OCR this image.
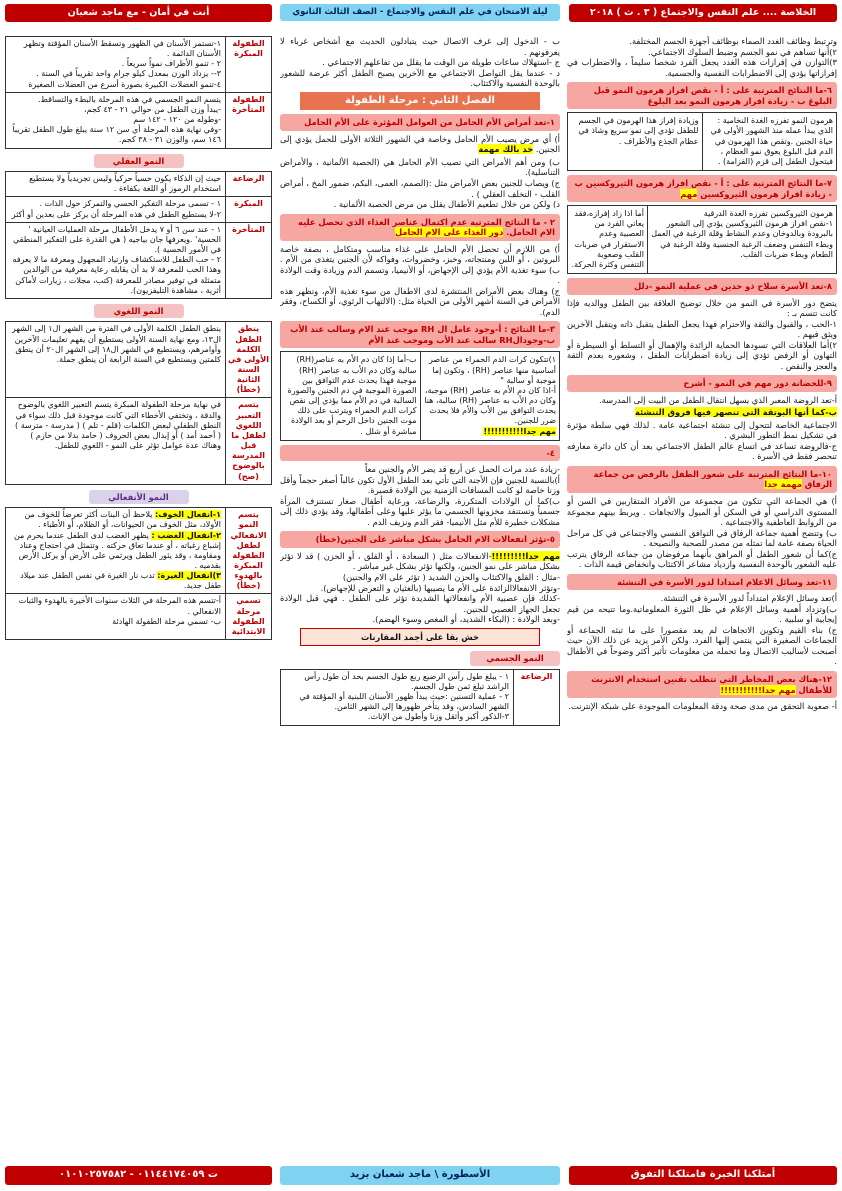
الخلاصة .... علم النفس والاجتماع ( ٣ . ث ) ٢٠١٨
ليلة الامتحان في علم النفس والاجتماع - الصف الثالث الثانوي
أنت في أمان - مع ماجد شعبان

وترتبط وظائف الغدد الصماء بوظائف أجهزة الجسم المختلفة.
٢)أنها تساهم في نمو الجسم وضبط السلوك الاجتماعي.
٣)التوازن في إفرازات هذه الغدد يجعل الفرد شخصا سليماً ، والاضطراب في إفرازاتها يؤدي إلى الاضطرابات النفسية والجسمية.

٦-ما النتائج المترتبة على : أ - نقص افراز هرمون النمو قبل البلوغ ب - زيادة افراز هرمون النمو بعد البلوغ
هرمون النمو تفرزه الغدة النخامية : الذي يبدأ عمله منذ الشهور الأولى في حياة الجنين .وتقص هذا الهرمون في الدم قبل البلوغ يعوق نمو العظام ، فيتحول الطفل إلى قزم (القزامة) .
وزيادة إفراز هذا الهرمون في الجسم للطفل تؤدي إلى نمو سريع وشاذ في عظام الجذع والأطراف .
٧-ما النتائج المترتبة على : أ - نقص افراز هرمون الثيروكسين ب - زيادة افراز هرمون الثيروكسين مهم
هرمون الثيروكسين تفرزه الغدة الدرقية
١-نقص افراز هرمون الثيروكسين يؤدي إلى الشعور بالبرودة وبالدوخان وعدم النشاط وقلة الرغبة في العمل وبطء التنفس وضعف الرغبة الجنسية وقلة الرغبة في الطعام وبطء ضربات القلب.
أما اذا زاد إفرازه،فقد يعاني الفرد من العصبية وعدم الاستقرار في ضربات القلب وصعوبة التنفس وكثرة الحركة.
٨-تعد الأسرة سلاح ذو حدين في عملية النمو -دلل

يتضح دور الأسرة في النمو من خلال توضيح العلاقة بين الطفل ووالديه فإذا كانت تتسم بـ :
١-الحب ، والقبول والثقة والاحترام فهذا يجعل الطفل يتقبل ذاته ويتقبل الآخرين ويثق فيهم .
٢)أما العلاقات التي تسودها الحماية الزائدة والإهمال أو التسلط أو السيطرة أو التهاون أو الرفض تؤدي إلى زيادة اضطرابات الطفل ، وشعوره بعدم الثقة والعجز والنقص .

٩-للحضانة دور مهم في النمو - أشرح

أ-تعد الروضة المعبر الذي يسهل انتقال الطفل من البيت إلى المدرسة.

ب-كما أنها البوتقة التي تنصهر فيها فروق التنشئة

الاجتماعية الخاصة لتتحول إلى تنشئة اجتماعية عامة . لذلك فهي سلطة مؤثرة في تشكيل نمط التطور البشري .
ج-فالروضة تساعد في اتساع عالم الطفل الاجتماعي بعد أن كان دائرة معارفه تنحصر فقط في الأسرة .

١٠-ما النتائج المترتبة على شعور الطفل بالرفض من جماعة الرفاق مهمة جدا

أ) هي الجماعة التي تتكون من مجموعة من الأفراد المتقاربين في السن أو المستوى الدراسي أو في السكن أو الميول والاتجاهات . ويربط بينهم مجموعة من الروابط العاطفية والاجتماعية .
ب) وتتضح أهمية جماعة الرفاق في التوافق النفسي والاجتماعي في كل مراحل الحياة بصفة عامة لما تمثله من مصدر للصحبة والنصيحة .
ج)كما أن شعور الطفل أو المراهق بأنهما مرفوضان من جماعة الرفاق يترتب عليه الشعور بالوحدة النفسية وازدياد مشاعر الاكتئاب وانخفاض قيمة الذات .

١١-تعد وسائل الاعلام امتدادا لدور الأسرة في التنشئة

أ)تعد وسائل الإعلام امتداداً لدور الأسرة في التنشئة.
ب)وتزداد أهمية وسائل الإعلام في ظل الثورة المعلوماتية.وما تتيحه من قيم إيجابية أو سلبية .
ج) بناء القيم وتكوين الاتجاهات لم يعد مقصورا على ما تبثه الجماعة أو الجماعات الصغيرة التي ينتمي إليها الفرد. ولكن الأمر يزيد عن ذلك الآن حيث أصبحت لأساليب الاتصال وما تحمله من معلومات تأثير أكثر وضوحاً في الأطفال .

١٢-هناك بعض المخاطر التي تتطلب تقنين استخدام الانترنت للأطفال مهم جدا!!!!!!!!!!!

أ- صعوبة التحقق من مدى صحة ودقة المعلومات الموجودة على شبكة الإنترنت.

ب - الدخول إلى غرف الاتصال حيث يتبادلون الحديث مع أشخاص غرباء لا يعرفونهم .
ج -استهلاك ساعات طويلة من الوقت ما يقلل من تفاعلهم الاجتماعي .
د - عندما يقل التواصل الاجتماعي مع الآخرين يصبح الطفل أكثر عرضة للشعور بالوحدة النفسية والاكتئاب.

الفصل الثاني : مرحلة الطفولة
١-تعد أمراض الأم الحامل من العوامل المؤثرة على الأم الحامل

أ) أي مرض يصيب الأم الحامل وخاصة في الشهور الثلاثة الأولى للحمل يؤدي إلى الجنين. خد بالك مهمة

ب) ومن أهم الأمراض التي تصيب الأم الحامل هي (الحصبة الألمانية ، والأمراض التناسلية).
ج) ويصاب للجنين بعض الأمراض مثل :(الصمم، العمى، البكم، ضمور المخ ، أمراض القلب - التخلف العقلي ) .
د) ولكن من خلال تطعيم الأطفال يقلل من مرض الحصبة الألمانية .

٢ - ما النتائج المترتبة عدم اكتمال عناصر الغذاء الذي تحصل عليه الام الحامل. دور الغذاء على الام الحامل

أ) من اللازم أن تحصل الأم الحامل على غذاء مناسب ومتكامل ، بصفة خاصة البروتين ، أو اللبن ومنتجاته، وخبز، وخضروات، وفواكه لأن الجنين يتغذى من الأم . ب) سوء تغذية الأم يؤدي إلى الإجهاض، أو الأنيميا، وتسمم الدم وزيادة وقت الولادة .
ج) وهناك بعض الأمراض المنتشرة لدى الاطفال من سوء تغذية الأم، وتظهر هذه الأمراض في السنة أشهر الأولى من الحياة مثل: (الالتهاب الرئوي، أو الكساح، وفقر الدم).

٣-ما النتائج : أ-وجود عامل ال RH موجب عند الام وسالب عند الأب ب-وجودالRH سالب عند الأب وموجب عند الأم
١)تتكون كرات الدم الحمراء من عناصر أساسية منها عناصر (RH) ، وتكون إما موجبة أو سالبة "
أ-اذا كان دم الأم به عناصر (RH) موجبة، وكان دم الأب به عناصر (RH) سالبة، هنا يحدث التوافق بين الأب والأم فلا يحدث ضرر للجنين.
مهم جدا!!!!!!!!!!!
ب-أما إذا كان دم الأم به عناصر(RH) سالبة وكان دم الأب به عناصر (RH) موجبة فهذا يحدث عدم التوافق بين الصورة الموجبة في دم الجنين والصورة السالبة في دم الأم مما يؤدي إلى نقص كرات الدم الحمراء ويترتب على ذلك موت الجنين داخل الرحم أو بعد الولادة مباشرة أو شلل .
٤-

-زيادة عدد مرات الحمل عن أربع قد يضر الأم والجنين معاً
أ)بالنسبة للجنين فإن الأجنة التي تأتي بعد الطفل الأول تكون غالباً أصغر حجماً وأقل وزنا خاصة لو كانت المسافات الزمنية بين الولادة قصيرة.
ب)كما أن الولادات المتكررة، والرضاعة، ورعاية أطفال صغار تستنزف المرأة جسمياً وتستنفد مخزونها الجسمي ما يؤثر عليها وعلى أطفالها، وقد يؤدي ذلك إلى مشكلات خطيرة للأم مثل الأنيميا- فقر الدم ونزيف الدم .

٥-تؤثر انفعالات الام الحامل بشكل مباشر على الجنين(خطأ)

مهم جدا!!!!!!!!!-الانفعالات مثل ( السعادة ، أو القلق ، أو الحزن ) قد لا تؤثر بشكل مباشر على نمو الجنين، ولكنها تؤثر بشكل غير مباشر .
-مثال : القلق والاكتئاب والحزن الشديد ( تؤثر على الام والجنين)
-وتؤثر الانفعالاالزائدة على الأم ما يصيبها (بالغثيان و التعرض للإجهاض).
-كذلك فإن عصبية الأم وانفعالاتها الشديدة تؤثر على الطفل . فهي قبل الولادة تجعل الجهاز العصبي للجنين.
-وبعد الولادة : (البكاء الشديد، أو المغص وسوء الهضم).

خش بقا على أجمد المقارنات
النمو الجسمي
الرضاعة
١ - يبلغ طول رأس الرضيع ربع طول الجسم بحد أن طول رأس الراشد تبلغ ثمن طول الجسم.
٢ - عملية التسنين :حيث يبدأ ظهور الأسنان اللبنية أو المؤقتة في الشهر السادس، وقد يتأخر ظهورها إلى الشهر الثامن.
٣-الذكور أكبر وأثقل وزنا وأطول من الإناث.
الطفولة المبكرة
١-تستمر الأسنان في الظهور وتسقط الأسنان المؤقتة وتظهر الأسنان الدائمة .
٢ - تنمو الأطراف نمواً سريعاً .
٣-- يزداد الوزن بمعدل كيلو جرام واحد تقريباً في السنة .
٤-تنمو العضلات الكبيرة بصورة أسرع من العضلات الصغيرة
الطفولة المتأخرة
يتسم النمو الجسمي في هذه المرحلة بالبطء والتساقط.
-يبدأ وزن الطفل من حوالي ٢١ - ٤٣ كجم،
-وطوله من ١٢٠ - ١٤٢ سم
-وفي نهاية هذه المرحلة أي سن ١٢ سنة يبلغ طول الطفل تقريباً ١٤٦ سم، والوزن ٣١ - ٣٨ كجم.
النمو العقلي
الرضاعة
حيث إن الذكاء يكون حسياً حركياً وليس تجريدياً ولا يستطيع استخدام الرموز أو اللغة بكفاءة .
المبكرة
١ - تسمى مرحلة التفكير الحسي والتمركز حول الذات .
٢-لا يستطيع الطفل في هذه المرحلة أن يركز على بعدين أو أكثر
المتأخرة
١ - عند سن ٦ أو ٧ يدخل الأطفال مرحلة العمليات العيانية ' الحسية' .ويعرفها جان بياجيه ( هي القدرة على التفكير المنطقي في الأمور الحسية ).
٢ - حب الطفل للاستكشاف وارتياد المجهول ومعرفة ما لا يعرفه وهذا الحب للمعرفة لا بد أن يقابله رعاية معرفية من الوالدين متمثلة في توفير مصادر للمعرفة (كتب، مجلات ، زيارات لأماكن أثرية ، مشاهدة التليفزيون).
النمو اللغوي
ينطق الطفل الكلمة الأولى في السنة الثانية (خطأ)
ينطق الطفل الكلمة الأولى في الفترة من الشهر ال١ إلى الشهر ال١٣، ومع نهاية السنة الأولى يستطيع أن يفهم تعليمات الآخرين وأوامرهم، ويستطيع في الشهر ال١٨ إلى الشهر ال٢٠ أن ينطق كلمتين ويستطيع في السنة الرابعة أن ينطق جملة.
يتسم التعبير اللغوي لطفل ما قبل المدرسة بالوضوح (صح)
في نهاية مرحلة الطفولة المبكرة يتسم التعبير اللغوي بالوضوح والدقة ، وتختفي الأخطاء التي كانت موجودة قبل ذلك سواء في النطق الطفلي لبعض الكلمات (قلم - تلم ) ( مدرسة - مترسة ) ( أحمد أمد ) أو إبدال بعض الحروف ( حامد بدلا من حازم ) وهناك عدة عوامل تؤثر على النمو - اللغوي للطفل.
النمو الأنفعالي
يتسم النمو الانفعالي لطفل الطفولة المبكرة بالهدوء (خطأ)
١-انفعال الخوف: يلاحظ أن البنات أكثر تعرضاً للخوف من الأولاد، مثل الخوف من الحيوانات، أو الظلام، أو الأطباء .
٢-انفعال الغضب : يظهر الغضب لدى الطفل عندما يحرم من إشباع رغباته ، أو عندما تعاق حركته . وتتمثل في احتجاج وعناد ومقاومة ، وقد يثور الطفل ويرتمي على الأرض أو يركل الأرض بقدميه .
٣)انفعال الغيرة: تدب نار الغيرة في نفس الطفل عند ميلاد طفل جديد.
تسمي مرحلة الطفولة الابتدائية
أ-تتسم هذه المرحلة في الثلاث سنوات الأخيرة بالهدوء والثبات الانفعالي .
ب- تسمي مرحلة الطفولة الهادئة
أمتلكنا الخبرة فامتلكنا التفوق
الأسطورة \ ماجد شعبان بزيد
ت ٠١١٤٤١٧٤٠٥٩ - ٠١٠١٠٢٥٧٥٨٢
